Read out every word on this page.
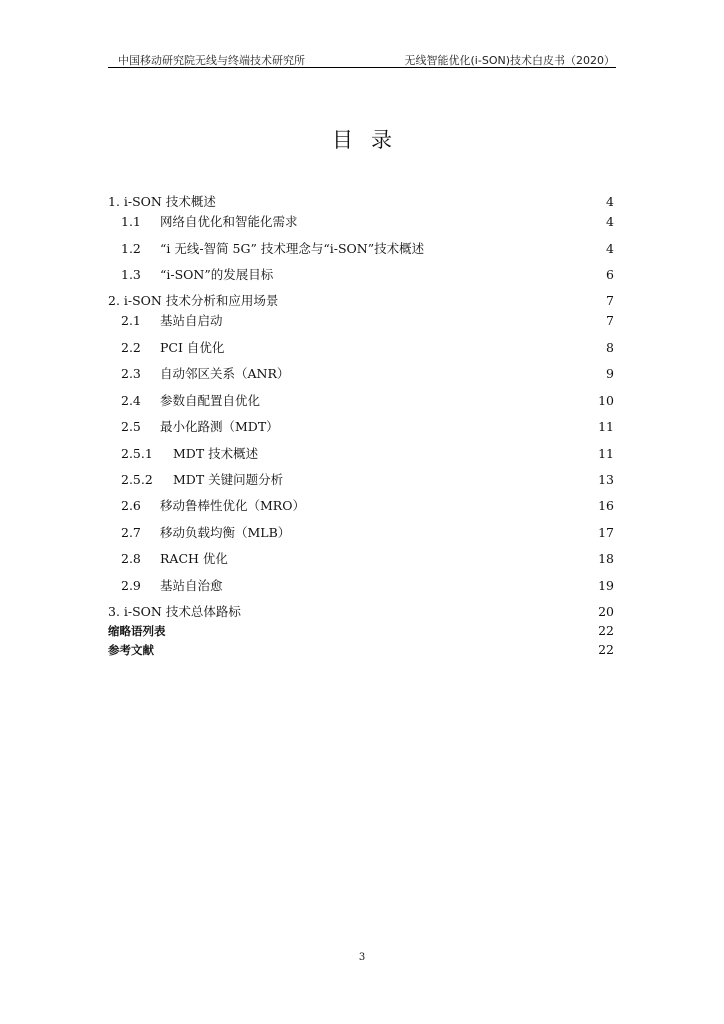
中国移动研究院无线与终端技术研究所	无线智能优化(i-SON)技术白皮书（2020）
目录
1. i-SON 技术概述	4
1.1 网络自优化和智能化需求	4
1.2 “i 无线-智简 5G” 技术理念与“i-SON”技术概述	4
1.3 “i-SON”的发展目标	6
2. i-SON 技术分析和应用场景	7
2.1 基站自启动	7
2.2 PCI 自优化	8
2.3 自动邻区关系（ANR）	9
2.4 参数自配置自优化	10
2.5 最小化路测（MDT）	11
2.5.1 MDT 技术概述	11
2.5.2 MDT 关键问题分析	13
2.6 移动鲁棒性优化（MRO）	16
2.7 移动负载均衡（MLB）	17
2.8 RACH 优化	18
2.9 基站自治愈	19
3. i-SON 技术总体路标	20
缩略语列表	22
参考文献	22
3
